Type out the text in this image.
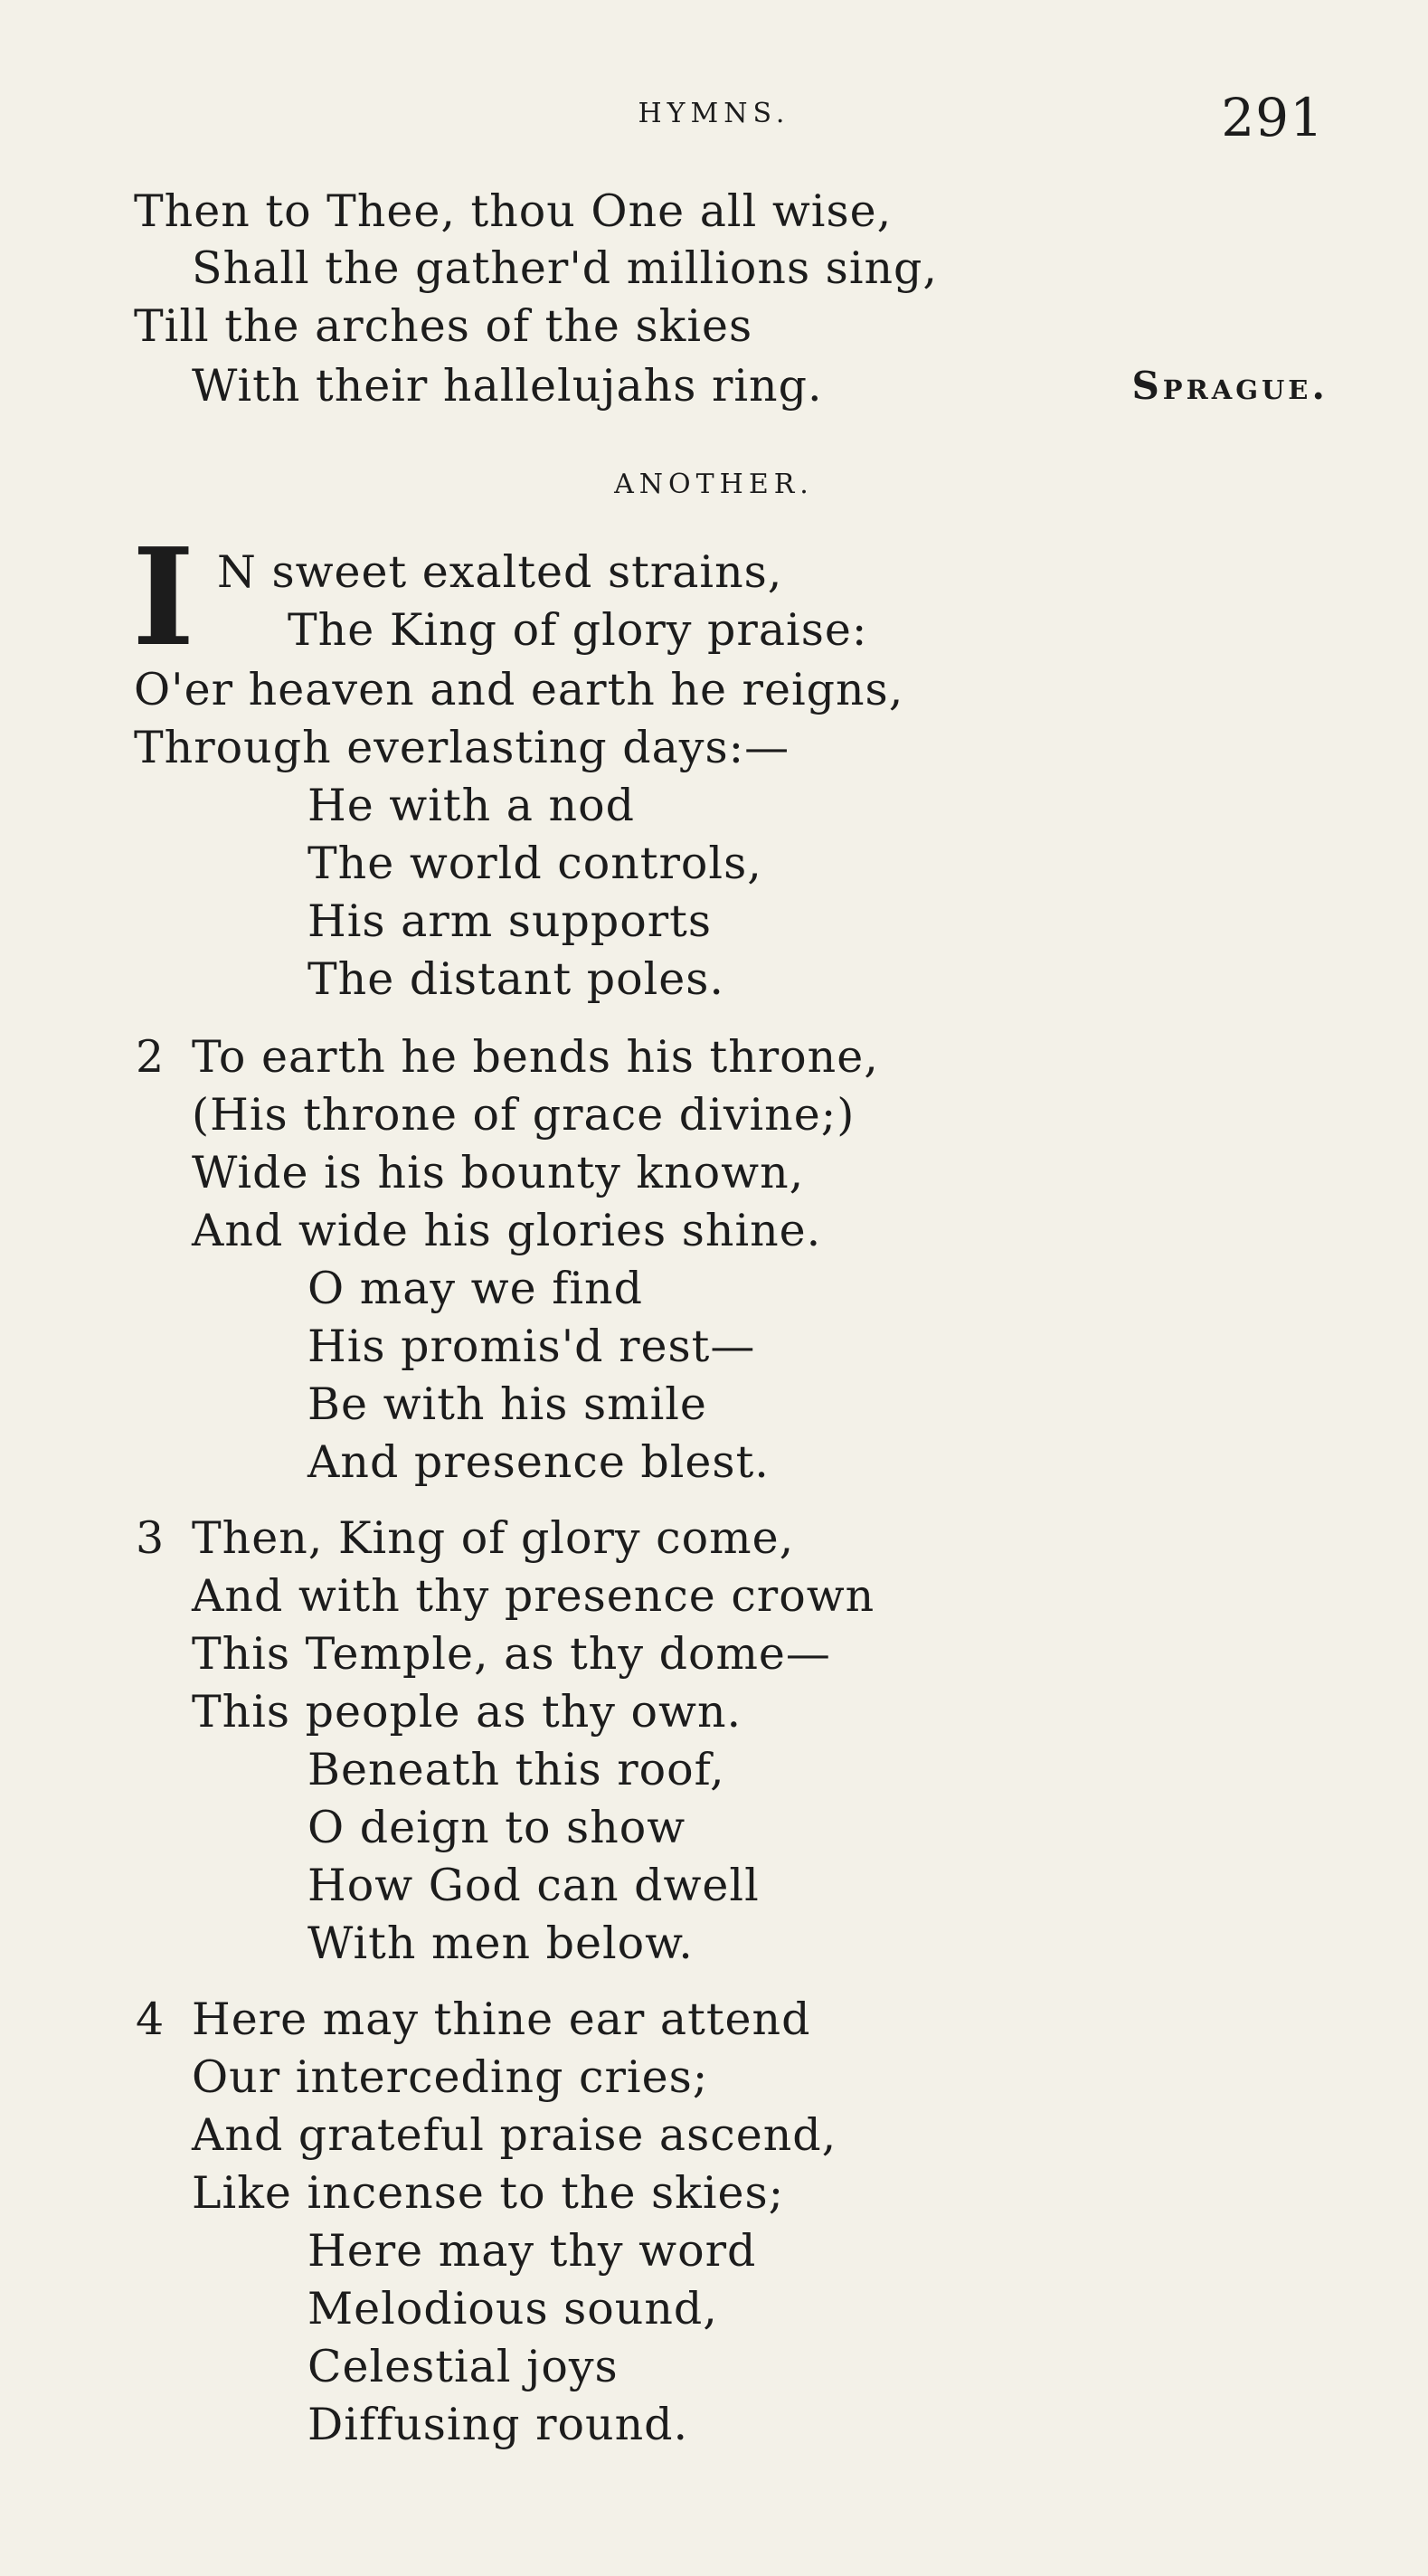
HYMNS.	291
Then to Thee, thou One all wise,
Shall the gather'd millions sing,
Till the arches of the skies
With their hallelujahs ring.	Sprague.
ANOTHER.
I N sweet exalted strains,
The King of glory praise:
O'er heaven and earth he reigns,
Through everlasting days:—
He with a nod
The world controls,
His arm supports
The distant poles.
2 To earth he bends his throne,
(His throne of grace divine;)
Wide is his bounty known,
And wide his glories shine.
O may we find
His promis'd rest—
Be with his smile
And presence blest.
3 Then, King of glory come,
And with thy presence crown
This Temple, as thy dome—
This people as thy own.
Beneath this roof,
O deign to show
How God can dwell
With men below.
4 Here may thine ear attend
Our interceding cries;
And grateful praise ascend,
Like incense to the skies;
Here may thy word
Melodious sound,
Celestial joys
Diffusing round.
